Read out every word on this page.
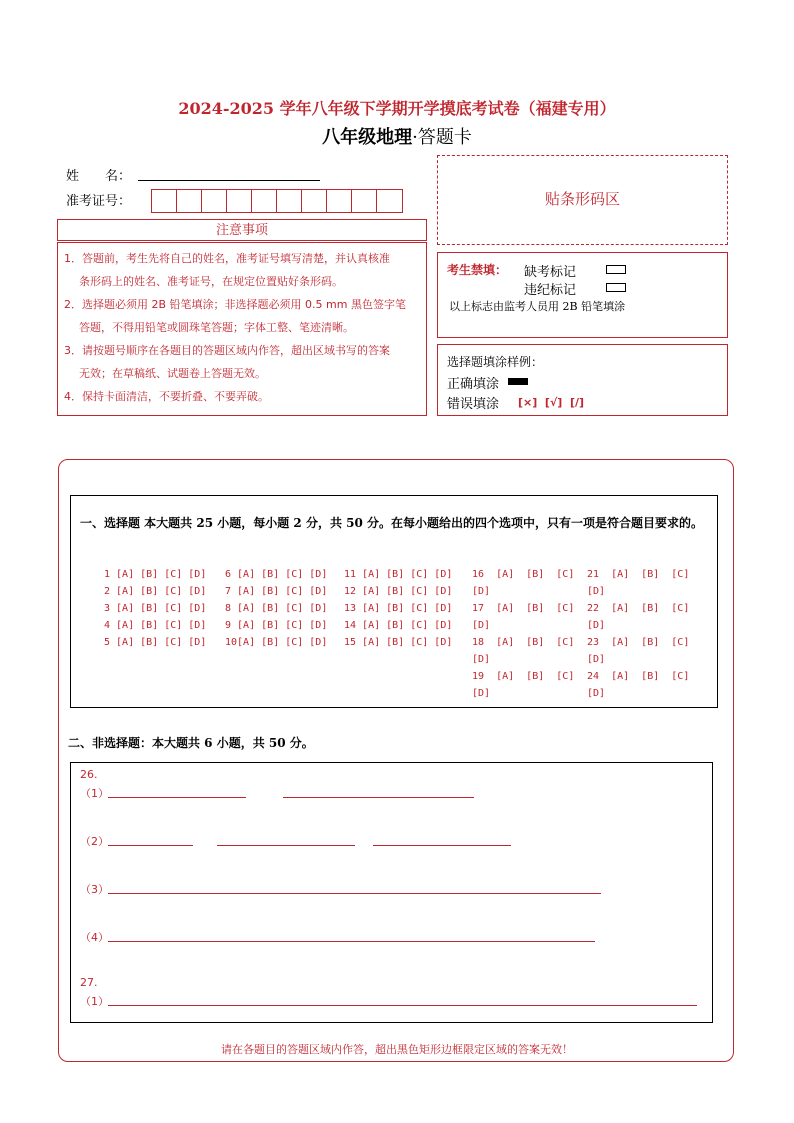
2024-2025 学年八年级下学期开学摸底考试卷（福建专用）
八年级地理·答题卡
姓　　名：
准考证号：
注意事项

1．答题前，考生先将自己的姓名，准考证号填写清楚，并认真核准

条形码上的姓名、准考证号，在规定位置贴好条形码。

2．选择题必须用 2B 铅笔填涂；非选择题必须用 0.5 mm 黑色签字笔

答题，不得用铅笔或圆珠笔答题；字体工整、笔迹清晰。

3．请按题号顺序在各题目的答题区域内作答，超出区域书写的答案

无效；在草稿纸、试题卷上答题无效。

4．保持卡面清洁，不要折叠、不要弄破。

贴条形码区
考生禁填： 缺考标记
违纪标记
以上标志由监考人员用 2B 铅笔填涂
选择题填涂样例：
正确填涂
错误填涂 [×]  [√]  [/]
一、选择题 本大题共 25 小题，每小题 2 分，共 50 分。在每小题给出的四个选项中，只有一项是符合题目要求的。
1 [A] [B] [C] [D]
2 [A] [B] [C] [D]
3 [A] [B] [C] [D]
4 [A] [B] [C] [D]
5 [A] [B] [C] [D]
6 [A] [B] [C] [D]
7 [A] [B] [C] [D]
8 [A] [B] [C] [D]
9 [A] [B] [C] [D]
10[A] [B] [C] [D]
11 [A] [B] [C] [D]
12 [A] [B] [C] [D]
13 [A] [B] [C] [D]
14 [A] [B] [C] [D]
15 [A] [B] [C] [D]
16  [A]  [B]  [C]
[D]
17  [A]  [B]  [C]
[D]
18  [A]  [B]  [C]
[D]
19  [A]  [B]  [C]
[D]
21  [A]  [B]  [C]
[D]
22  [A]  [B]  [C]
[D]
23  [A]  [B]  [C]
[D]
24  [A]  [B]  [C]
[D]
二、非选择题：本大题共 6 小题，共 50 分。
26.
（1）
（2）
（3）
（4）
27.
（1）
请在各题目的答题区域内作答，超出黑色矩形边框限定区域的答案无效！
